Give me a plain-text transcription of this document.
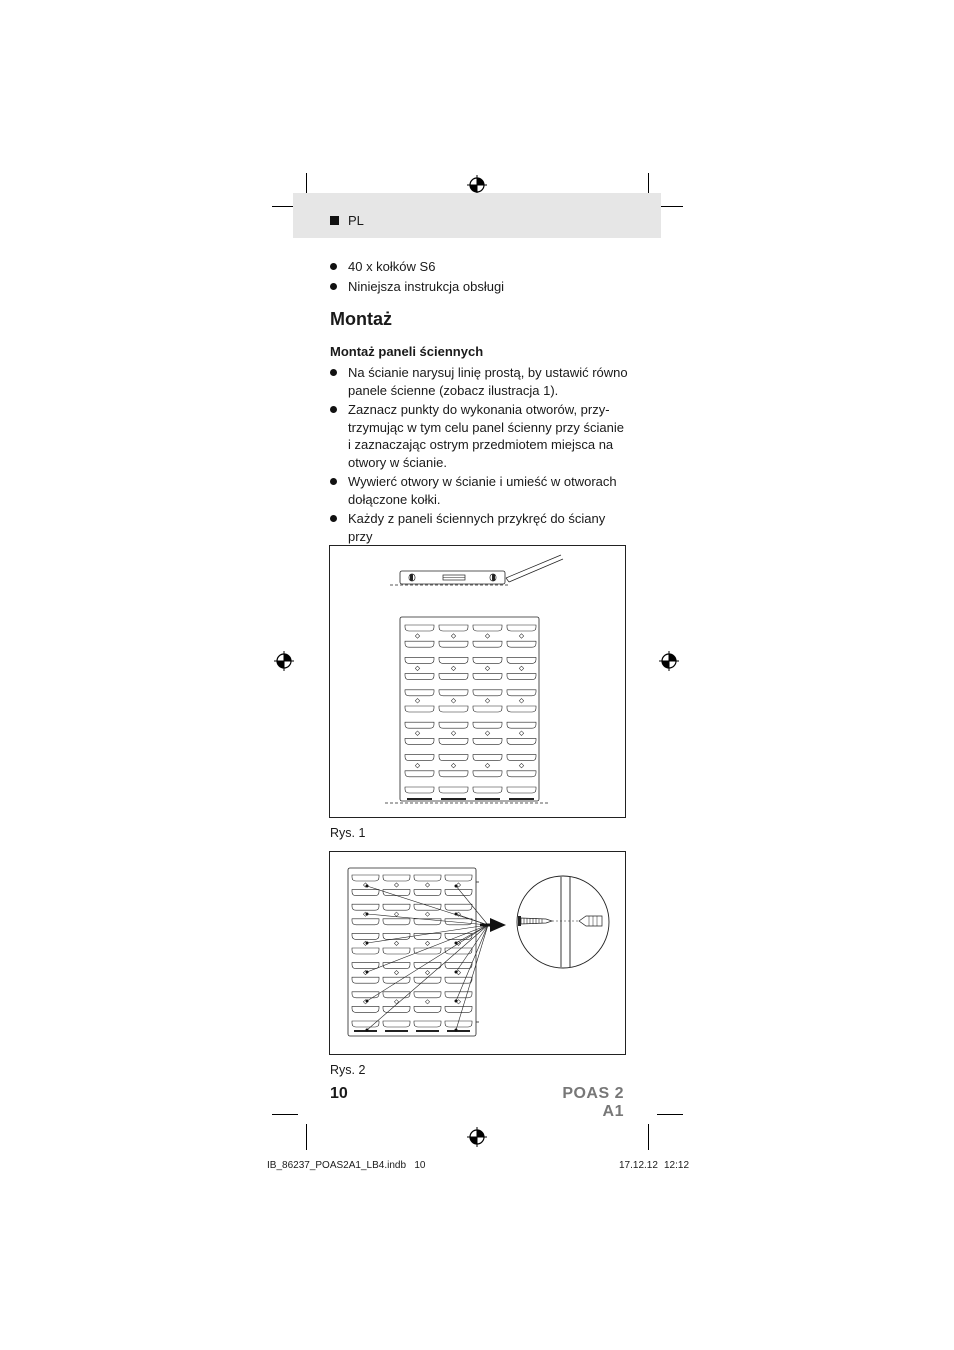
PL
40 x kołków S6
Niniejsza instrukcja obsługi
Montaż
Montaż paneli ściennych
Na ścianie narysuj linię prostą, by ustawić równo
panele ścienne (zobacz ilustracja 1).
Zaznacz punkty do wykonania otworów, przy-
trzymując w tym celu panel ścienny przy ścianie
i zaznaczając ostrym przedmiotem miejsca na
otwory w ścianie.
Wywierć otwory w ścianie i umieść w otworach
dołączone kołki.
Każdy z paneli ściennych przykręć do ściany przy
Rys. 1
Rys. 2
10	POAS 2 A1
IB_86237_POAS2A1_LB4.indb   10	17.12.12 12:12
